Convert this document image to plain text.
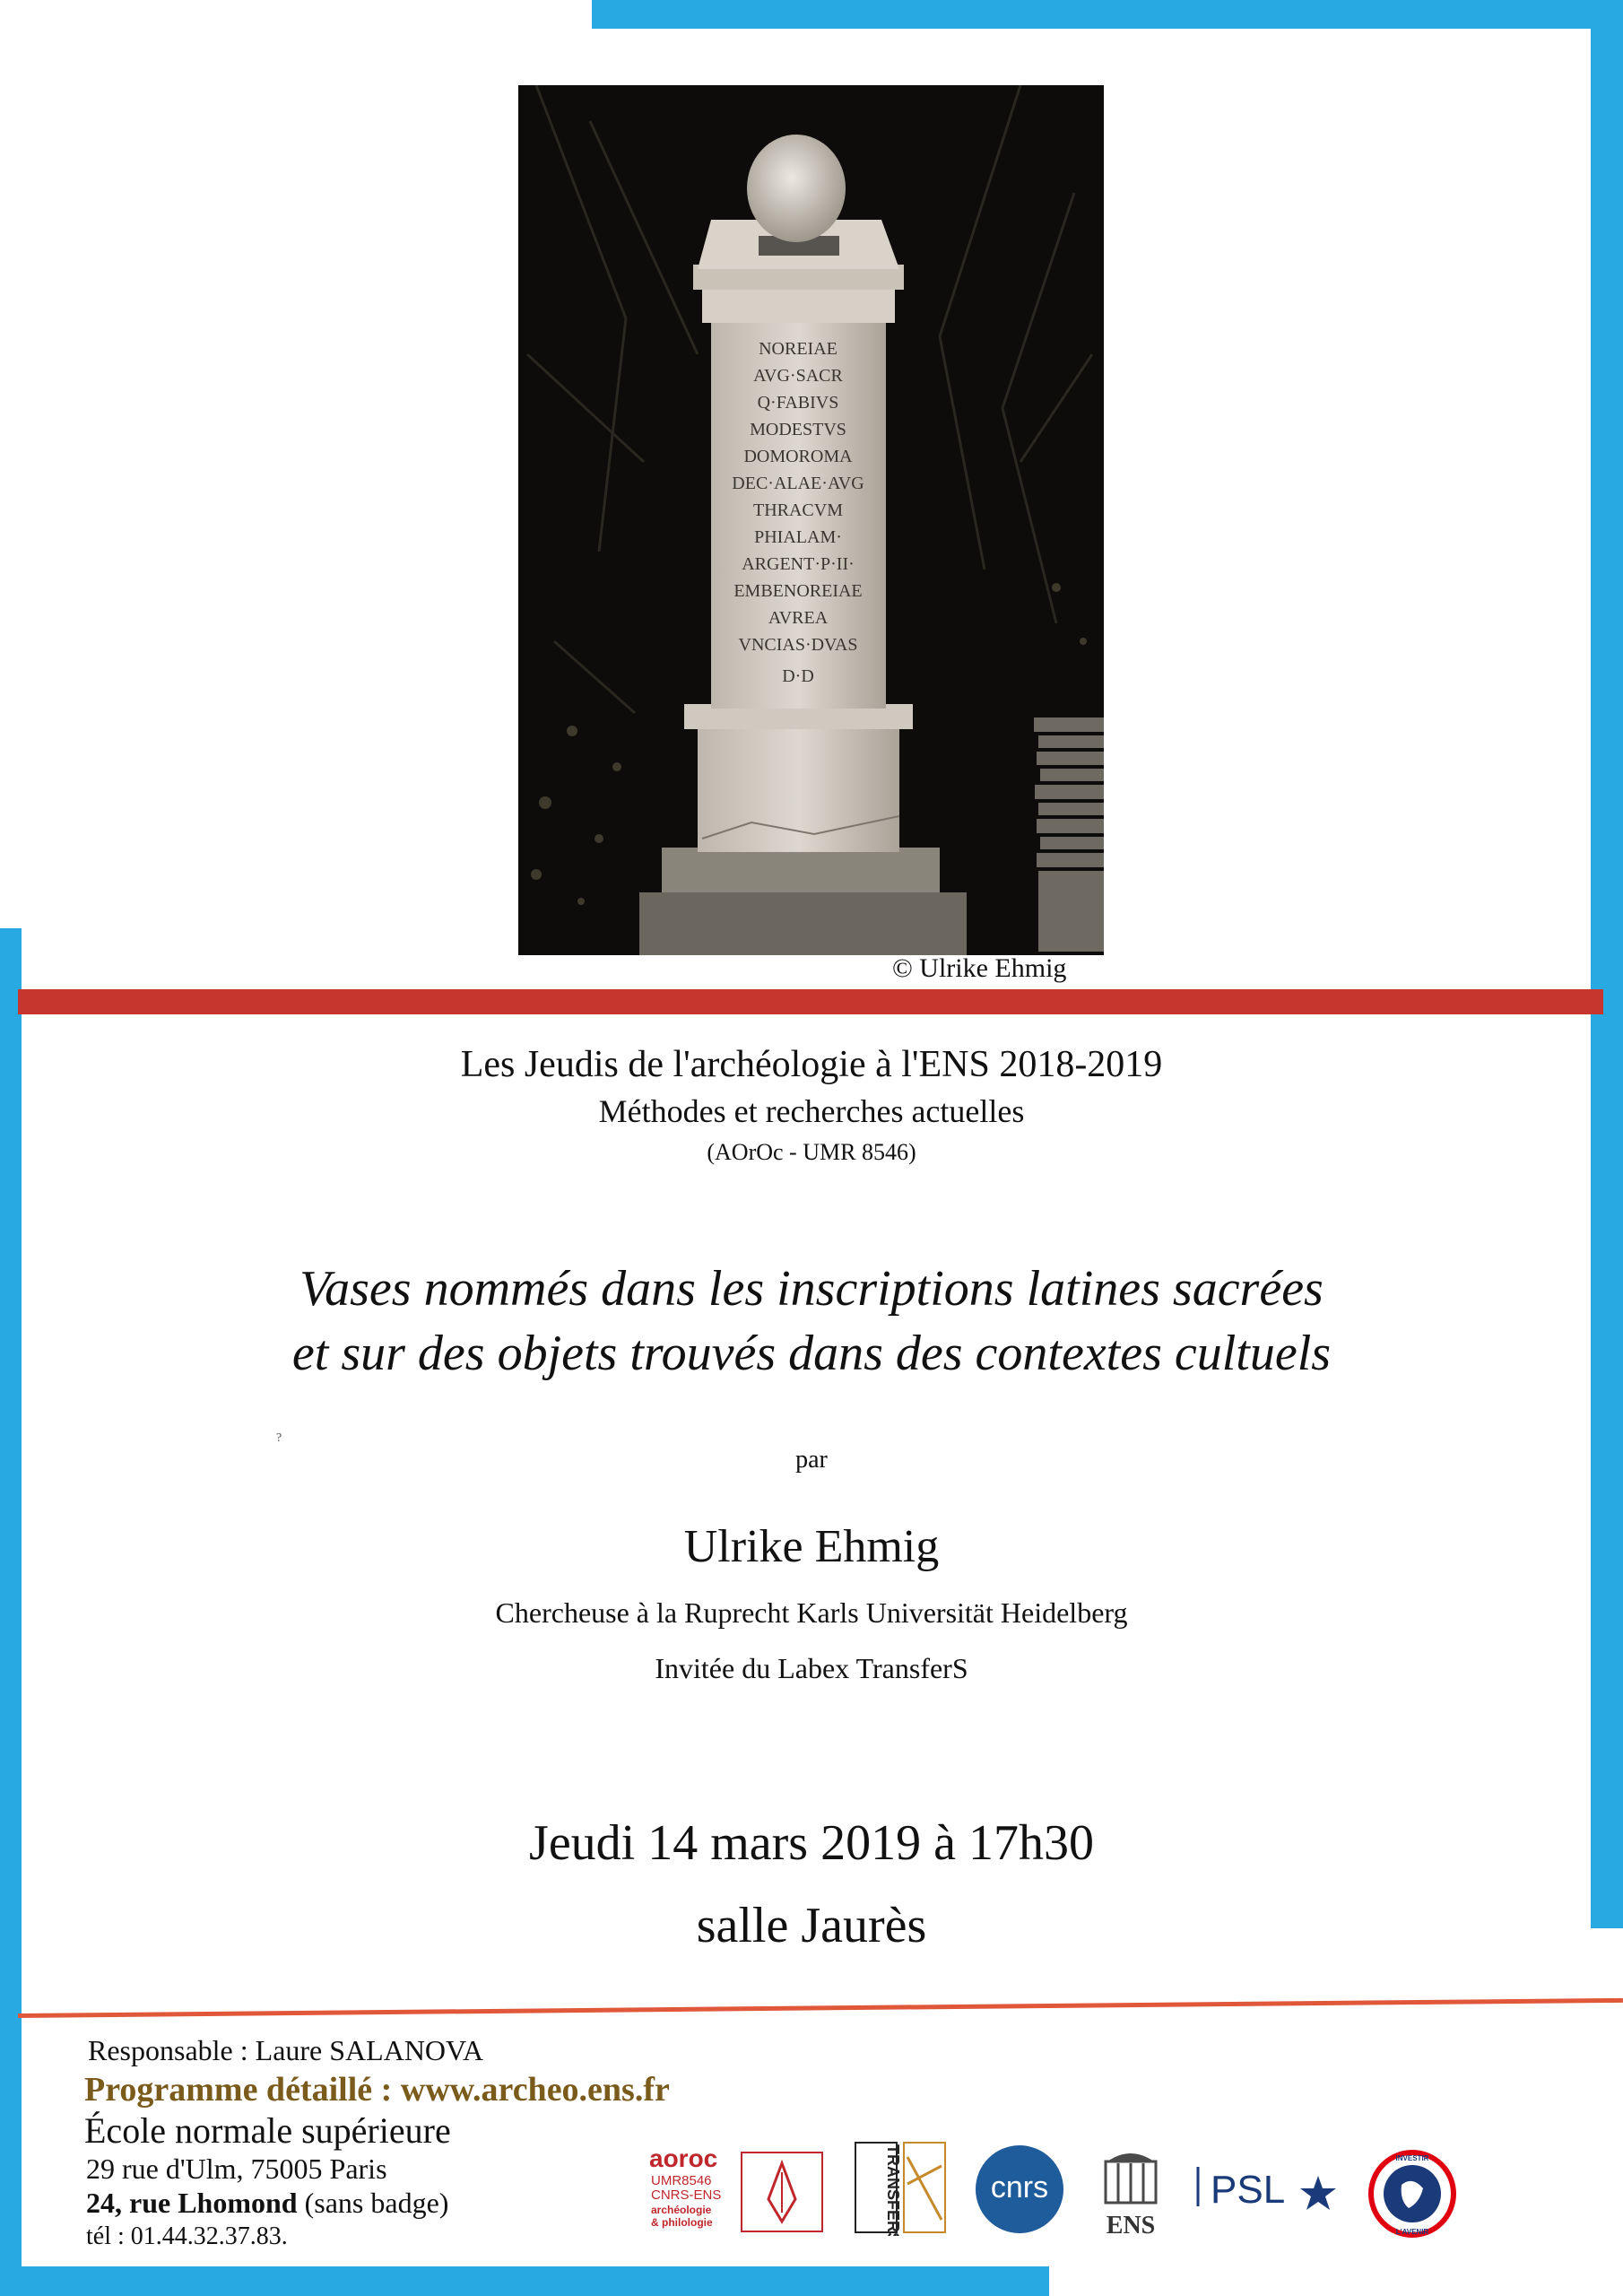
NOREIAE
AVG·SACR
Q·FABIVS
MODESTVS
DOMOROMA
DEC·ALAE·AVG
THRACVM
PHIALAM·
ARGENT·P·II·
EMBENOREIAE
AVREA
VNCIAS·DVAS
D·D
© Ulrike Ehmig
Les Jeudis de l'archéologie à l'ENS 2018-2019
Méthodes et recherches actuelles
(AOrOc - UMR 8546)
Vases nommés dans les inscriptions latines sacrées
et sur des objets trouvés dans des contextes cultuels
?
par
Ulrike Ehmig
Chercheuse à la Ruprecht Karls Universität Heidelberg
Invitée du Labex TransferS
Jeudi 14 mars 2019 à 17h30
salle Jaurès
Responsable : Laure SALANOVA
Programme détaillé : www.archeo.ens.fr
École normale supérieure
29 rue d'Ulm, 75005 Paris
24, rue Lhomond (sans badge)
tél : 01.44.32.37.83.
aoroc
UMR8546
CNRS-ENS
archéologie
& philologie	TRANSFERS	cnrs
ENS
PSL
INVESTIR
L'AVENIR
